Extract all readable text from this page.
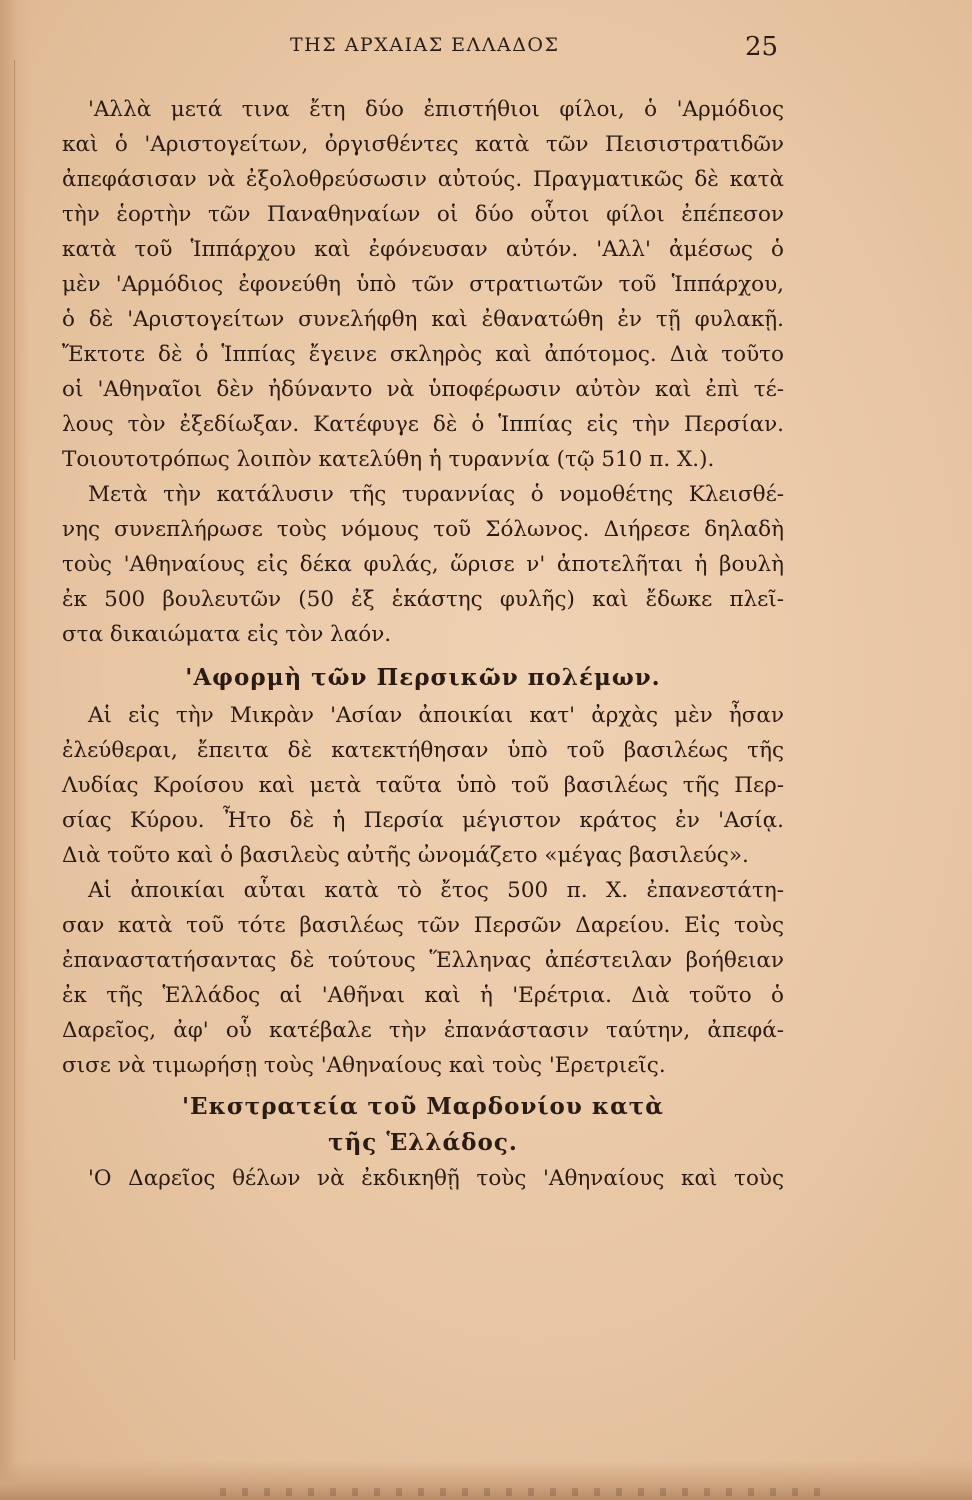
ΤΗΣ ΑΡΧΑΙΑΣ ΕΛΛΑΔΟΣ	25
'Αλλὰ μετά τινα ἔτη δύο ἐπιστήθιοι φίλοι, ὁ 'Αρμόδιος
καὶ ὁ 'Αριστογείτων, ὀργισθέντες κατὰ τῶν Πεισιστρατιδῶν
ἀπεφάσισαν νὰ ἐξολοθρεύσωσιν αὐτούς. Πραγματικῶς δὲ κατὰ
τὴν ἑορτὴν τῶν Παναθηναίων οἱ δύο οὗτοι φίλοι ἐπέπεσον
κατὰ τοῦ Ἱππάρχου καὶ ἐφόνευσαν αὐτόν. 'Αλλ' ἀμέσως ὁ
μὲν 'Αρμόδιος ἐφονεύθη ὑπὸ τῶν στρατιωτῶν τοῦ Ἱππάρχου,
ὁ δὲ 'Αριστογείτων συνελήφθη καὶ ἐθανατώθη ἐν τῇ φυλακῇ.
Ἔκτοτε δὲ ὁ Ἱππίας ἔγεινε σκληρὸς καὶ ἀπότομος. Διὰ τοῦτο
οἱ 'Αθηναῖοι δὲν ἠδύναντο νὰ ὑποφέρωσιν αὐτὸν καὶ ἐπὶ τέ-
λους τὸν ἐξεδίωξαν. Κατέφυγε δὲ ὁ Ἱππίας εἰς τὴν Περσίαν.
Τοιουτοτρόπως λοιπὸν κατελύθη ἡ τυραννία (τῷ 510 π. Χ.).
Μετὰ τὴν κατάλυσιν τῆς τυραννίας ὁ νομοθέτης Κλεισθέ-
νης συνεπλήρωσε τοὺς νόμους τοῦ Σόλωνος. Διήρεσε δηλαδὴ
τοὺς 'Αθηναίους εἰς δέκα φυλάς, ὥρισε ν' ἀποτελῆται ἡ βουλὴ
ἐκ 500 βουλευτῶν (50 ἐξ ἑκάστης φυλῆς) καὶ ἔδωκε πλεῖ-
στα δικαιώματα εἰς τὸν λαόν.
'Αφορμὴ τῶν Περσικῶν πολέμων.
Αἱ εἰς τὴν Μικρὰν 'Ασίαν ἀποικίαι κατ' ἀρχὰς μὲν ἦσαν
ἐλεύθεραι, ἔπειτα δὲ κατεκτήθησαν ὑπὸ τοῦ βασιλέως τῆς
Λυδίας Κροίσου καὶ μετὰ ταῦτα ὑπὸ τοῦ βασιλέως τῆς Περ-
σίας Κύρου. Ἦτο δὲ ἡ Περσία μέγιστον κράτος ἐν 'Ασίᾳ.
Διὰ τοῦτο καὶ ὁ βασιλεὺς αὐτῆς ὠνομάζετο «μέγας βασιλεύς».
Αἱ ἀποικίαι αὗται κατὰ τὸ ἔτος 500 π. Χ. ἐπανεστάτη-
σαν κατὰ τοῦ τότε βασιλέως τῶν Περσῶν Δαρείου. Εἰς τοὺς
ἐπαναστατήσαντας δὲ τούτους Ἕλληνας ἀπέστειλαν βοήθειαν
ἐκ τῆς Ἑλλάδος αἱ 'Αθῆναι καὶ ἡ 'Ερέτρια. Διὰ τοῦτο ὁ
Δαρεῖος, ἀφ' οὗ κατέβαλε τὴν ἐπανάστασιν ταύτην, ἀπεφά-
σισε νὰ τιμωρήσῃ τοὺς 'Αθηναίους καὶ τοὺς 'Ερετριεῖς.
'Εκστρατεία τοῦ Μαρδονίου κατὰ
τῆς Ἑλλάδος.
'Ο Δαρεῖος θέλων νὰ ἐκδικηθῇ τοὺς 'Αθηναίους καὶ τοὺς
